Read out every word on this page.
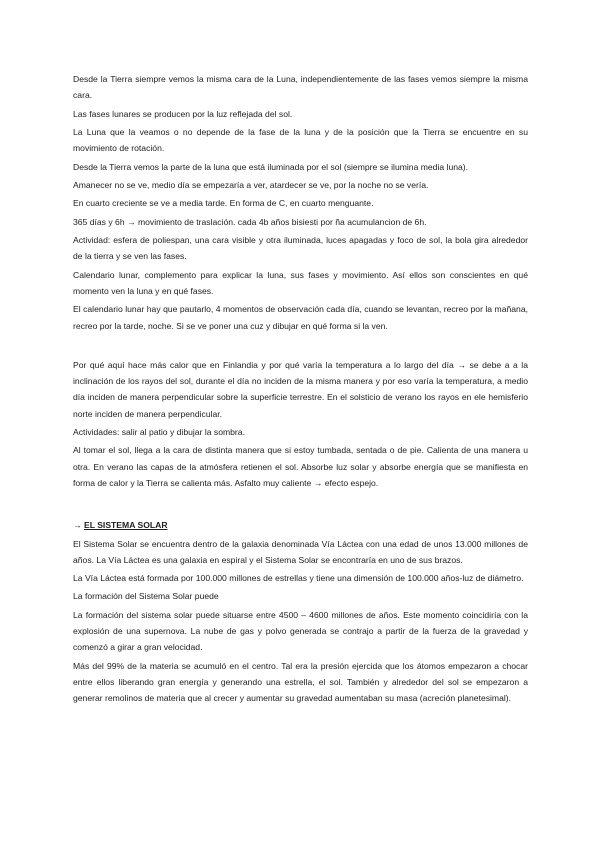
Desde la Tierra siempre vemos la misma cara de la Luna, independientemente de las fases vemos siempre la misma cara.

Las fases lunares se producen por la luz reflejada del sol.

La Luna que la veamos o no depende de la fase de la luna y de la posición que la Tierra se encuentre en su movimiento de rotación.

Desde la Tierra vemos la parte de la luna que está iluminada por el sol (siempre se ilumina media luna).

Amanecer no se ve, medio día se empezaría a ver, atardecer se ve, por la noche no se vería.

En cuarto creciente se ve a media tarde. En forma de C, en cuarto menguante.

365 días y 6h → movimiento de traslación. cada 4b años bisiesti por ña acumulancion de 6h.

Actividad: esfera de poliespan, una cara visible y otra iluminada, luces apagadas y foco de sol, la bola gira alrededor de la tierra y se ven las fases.

Calendario lunar, complemento para explicar la luna, sus fases y movimiento. Así ellos son conscientes en qué momento ven la luna y en qué fases.

El calendario lunar hay que pautarlo, 4 momentos de observación cada día, cuando se levantan, recreo por la mañana, recreo por la tarde, noche. Si se ve poner una cuz y dibujar en qué forma si la ven.

Por qué aquí hace más calor que en Finlandia y por qué varía la temperatura a lo largo del día → se debe a a la inclinación de los rayos del sol, durante el día no inciden de la misma manera y por eso varía la temperatura, a medio día inciden de manera perpendicular sobre la superficie terrestre. En el solsticio de verano los rayos en ele hemisferio norte inciden de manera perpendicular.

Actividades: salir al patio y dibujar la sombra.

Al tomar el sol, llega a la cara de distinta manera que si estoy tumbada, sentada o de pie. Calienta de una manera u otra. En verano las capas de la atmósfera retienen el sol. Absorbe luz solar y absorbe energía que se manifiesta en forma de calor y la Tierra se calienta más. Asfalto muy caliente → efecto espejo.

→ EL SISTEMA SOLAR

El Sistema Solar se encuentra dentro de la galaxia denominada Vía Láctea con una edad de unos 13.000 millones de años. La Vía Láctea es una galaxia en espiral y el Sistema Solar se encontraría en uno de sus brazos.

La Vía Láctea está formada por 100.000 millones de estrellas y tiene una dimensión de 100.000 años-luz de diámetro.

La formación del Sistema Solar puede

La formación del sistema solar puede situarse entre 4500 – 4600 millones de años. Este momento coincidiría con la explosión de una supernova. La nube de gas y polvo generada se contrajo a partir de la fuerza de la gravedad y comenzó a girar a gran velocidad.

Más del 99% de la materia se acumuló en el centro. Tal era la presión ejercida que los átomos empezaron a chocar entre ellos liberando gran energía y generando una estrella, el sol. También y alrededor del sol se empezaron a generar remolinos de materia que al crecer y aumentar su gravedad aumentaban su masa (acreción planetesimal).
